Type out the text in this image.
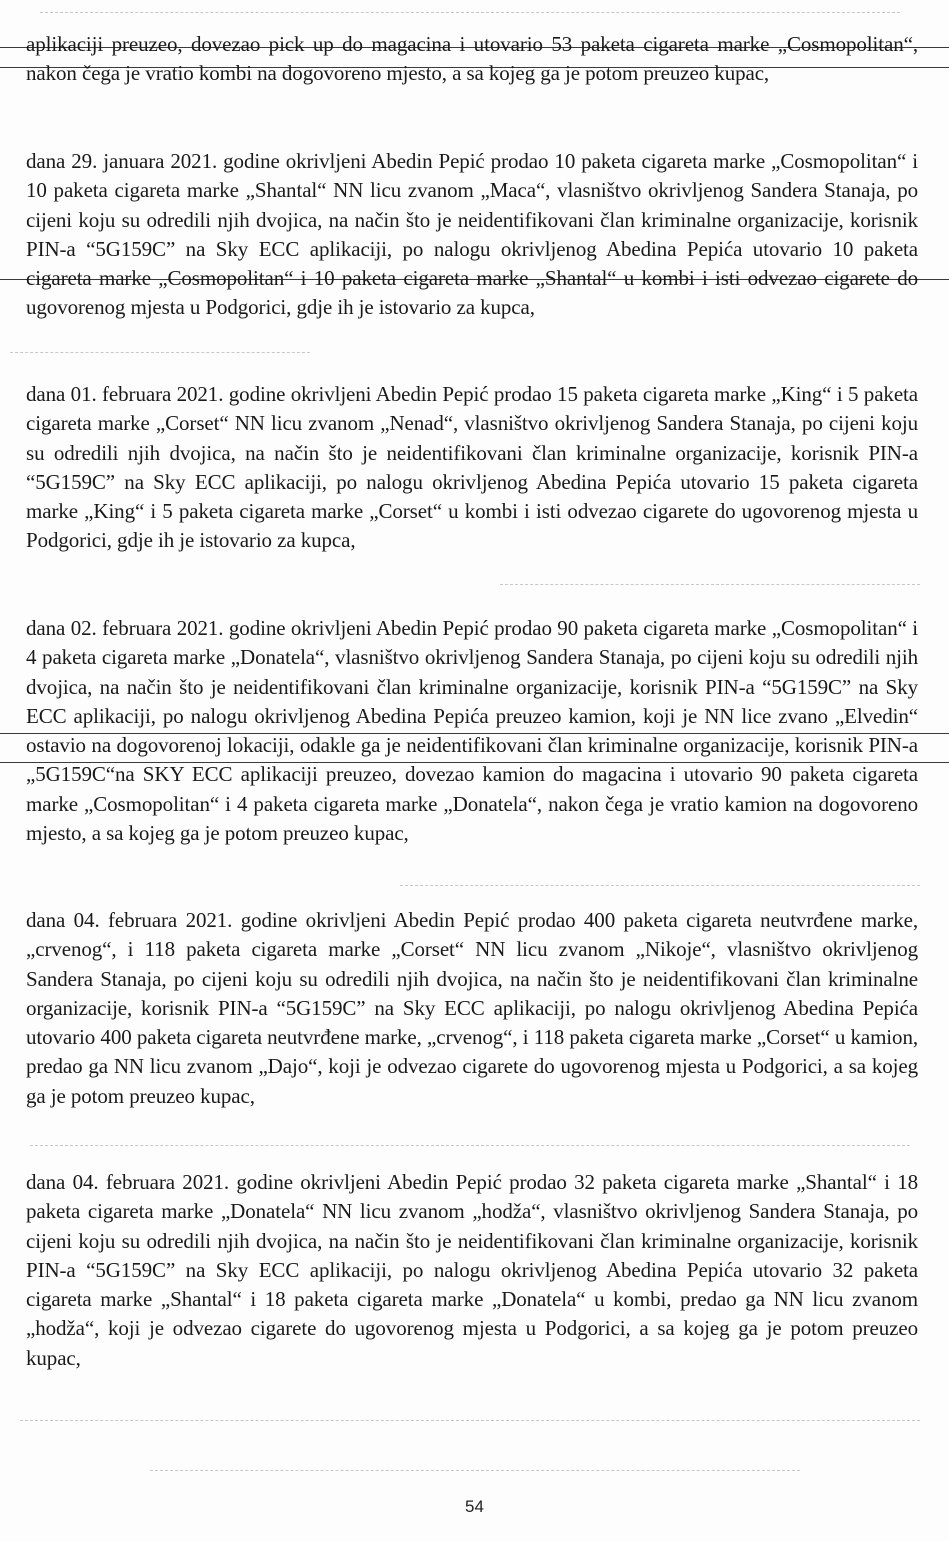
aplikaciji preuzeo, dovezao pick up do magacina i utovario 53 paketa cigareta marke „Cosmopolitan“, nakon čega je vratio kombi na dogovoreno mjesto, a sa kojeg ga je potom preuzeo kupac,

dana 29. januara 2021. godine okrivljeni Abedin Pepić prodao 10 paketa cigareta marke „Cosmopolitan“ i 10 paketa cigareta marke „Shantal“ NN licu zvanom „Maca“, vlasništvo okrivljenog Sandera Stanaja, po cijeni koju su odredili njih dvojica, na način što je neidentifikovani član kriminalne organizacije, korisnik PIN-a “5G159C” na Sky ECC aplikaciji, po nalogu okrivljenog Abedina Pepića utovario 10 paketa cigareta marke „Cosmopolitan“ i 10 paketa cigareta marke „Shantal“ u kombi i isti odvezao cigarete do ugovorenog mjesta u Podgorici, gdje ih je istovario za kupca,

dana 01. februara 2021. godine okrivljeni Abedin Pepić prodao 15 paketa cigareta marke „King“ i 5 paketa cigareta marke „Corset“ NN licu zvanom „Nenad“, vlasništvo okrivljenog Sandera Stanaja, po cijeni koju su odredili njih dvojica, na način što je neidentifikovani član kriminalne organizacije, korisnik PIN-a “5G159C” na Sky ECC aplikaciji, po nalogu okrivljenog Abedina Pepića utovario 15 paketa cigareta marke „King“ i 5 paketa cigareta marke „Corset“ u kombi i isti odvezao cigarete do ugovorenog mjesta u Podgorici, gdje ih je istovario za kupca,

dana 02. februara 2021. godine okrivljeni Abedin Pepić prodao 90 paketa cigareta marke „Cosmopolitan“ i 4 paketa cigareta marke „Donatela“, vlasništvo okrivljenog Sandera Stanaja, po cijeni koju su odredili njih dvojica, na način što je neidentifikovani član kriminalne organizacije, korisnik PIN-a “5G159C” na Sky ECC aplikaciji, po nalogu okrivljenog Abedina Pepića preuzeo kamion, koji je NN lice zvano „Elvedin“ ostavio na dogovorenoj lokaciji, odakle ga je neidentifikovani član kriminalne organizacije, korisnik PIN-a „5G159C“na SKY ECC aplikaciji preuzeo, dovezao kamion do magacina i utovario 90 paketa cigareta marke „Cosmopolitan“ i 4 paketa cigareta marke „Donatela“, nakon čega je vratio kamion na dogovoreno mjesto, a sa kojeg ga je potom preuzeo kupac,

dana 04. februara 2021. godine okrivljeni Abedin Pepić prodao 400 paketa cigareta neutvrđene marke, „crvenog“, i 118 paketa cigareta marke „Corset“ NN licu zvanom „Nikoje“, vlasništvo okrivljenog Sandera Stanaja, po cijeni koju su odredili njih dvojica, na način što je neidentifikovani član kriminalne organizacije, korisnik PIN-a “5G159C” na Sky ECC aplikaciji, po nalogu okrivljenog Abedina Pepića utovario 400 paketa cigareta neutvrđene marke, „crvenog“, i 118 paketa cigareta marke „Corset“ u kamion, predao ga NN licu zvanom „Dajo“, koji je odvezao cigarete do ugovorenog mjesta u Podgorici, a sa kojeg ga je potom preuzeo kupac,

dana 04. februara 2021. godine okrivljeni Abedin Pepić prodao 32 paketa cigareta marke „Shantal“ i 18 paketa cigareta marke „Donatela“ NN licu zvanom „hodža“, vlasništvo okrivljenog Sandera Stanaja, po cijeni koju su odredili njih dvojica, na način što je neidentifikovani član kriminalne organizacije, korisnik PIN-a “5G159C” na Sky ECC aplikaciji, po nalogu okrivljenog Abedina Pepića utovario 32 paketa cigareta marke „Shantal“ i 18 paketa cigareta marke „Donatela“ u kombi, predao ga NN licu zvanom „hodža“, koji je odvezao cigarete do ugovorenog mjesta u Podgorici, a sa kojeg ga je potom preuzeo kupac,

54
